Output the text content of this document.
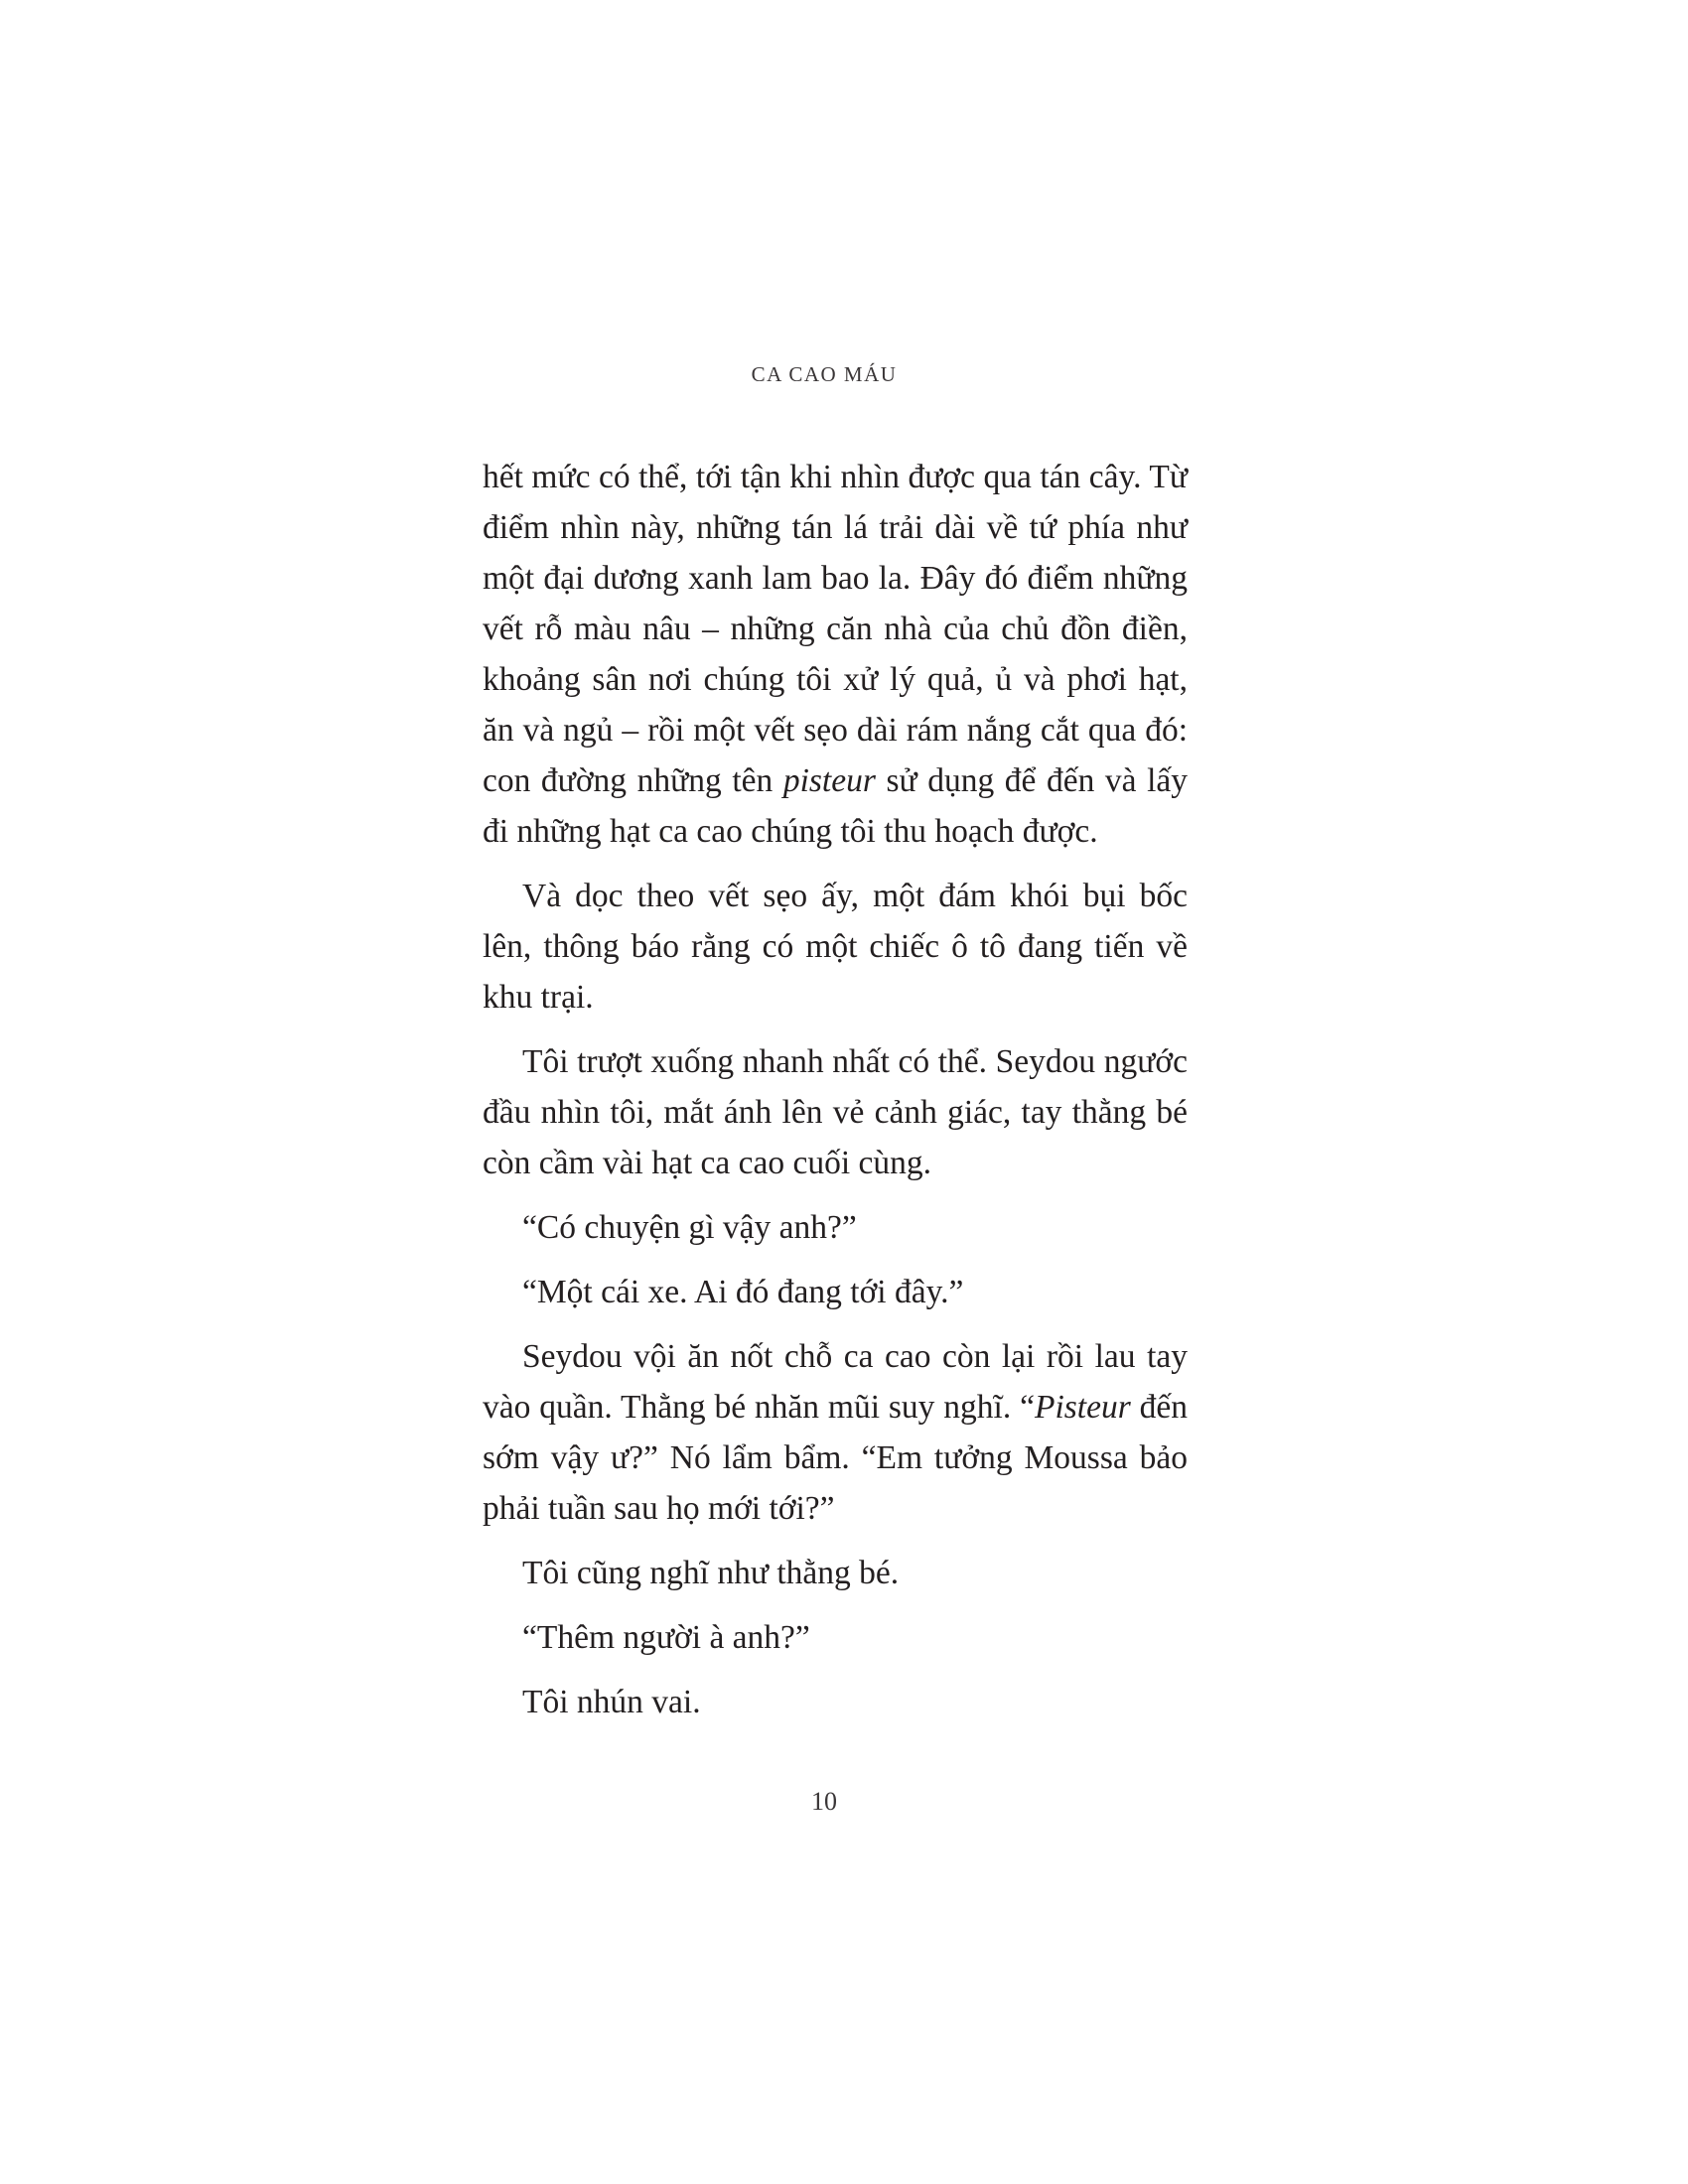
CA CAO MÁU

hết mức có thể, tới tận khi nhìn được qua tán cây. Từ điểm nhìn này, những tán lá trải dài về tứ phía như một đại dương xanh lam bao la. Đây đó điểm những vết rỗ màu nâu – những căn nhà của chủ đồn điền, khoảng sân nơi chúng tôi xử lý quả, ủ và phơi hạt, ăn và ngủ – rồi một vết sẹo dài rám nắng cắt qua đó: con đường những tên pisteur sử dụng để đến và lấy đi những hạt ca cao chúng tôi thu hoạch được.

Và dọc theo vết sẹo ấy, một đám khói bụi bốc lên, thông báo rằng có một chiếc ô tô đang tiến về khu trại.

Tôi trượt xuống nhanh nhất có thể. Seydou ngước đầu nhìn tôi, mắt ánh lên vẻ cảnh giác, tay thằng bé còn cầm vài hạt ca cao cuối cùng.

“Có chuyện gì vậy anh?”

“Một cái xe. Ai đó đang tới đây.”

Seydou vội ăn nốt chỗ ca cao còn lại rồi lau tay vào quần. Thằng bé nhăn mũi suy nghĩ. “Pisteur đến sớm vậy ư?” Nó lẩm bẩm. “Em tưởng Moussa bảo phải tuần sau họ mới tới?”

Tôi cũng nghĩ như thằng bé.

“Thêm người à anh?”

Tôi nhún vai.

10
